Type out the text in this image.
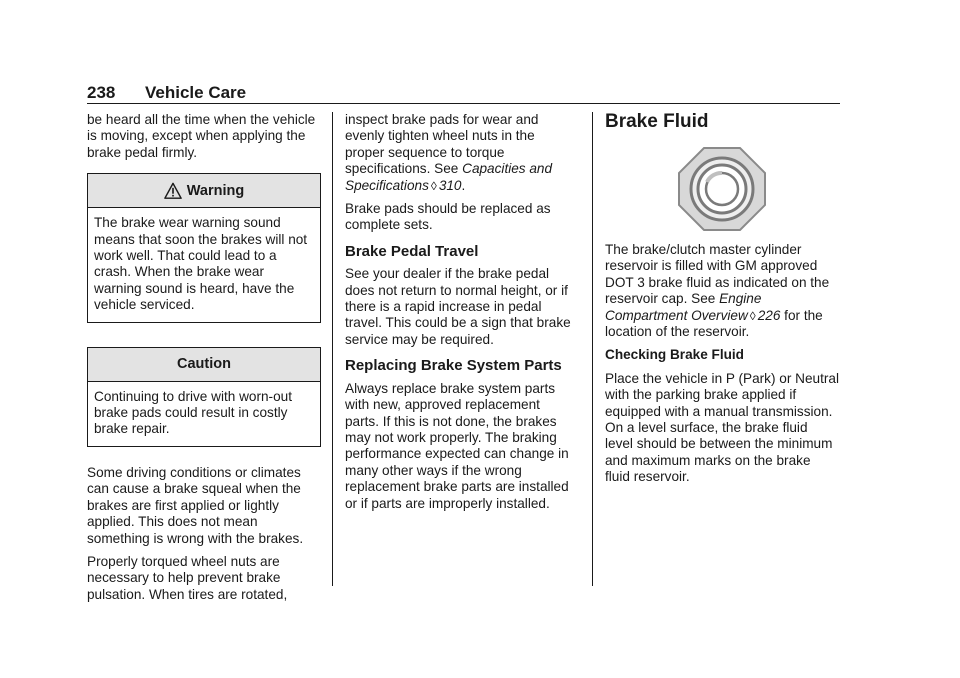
238 Vehicle Care

be heard all the time when the vehicle is moving, except when applying the brake pedal firmly.

Warning
The brake wear warning sound means that soon the brakes will not work well. That could lead to a crash. When the brake wear warning sound is heard, have the vehicle serviced.
Caution
Continuing to drive with worn-out brake pads could result in costly brake repair.

Some driving conditions or climates can cause a brake squeal when the brakes are first applied or lightly applied. This does not mean something is wrong with the brakes.

Properly torqued wheel nuts are necessary to help prevent brake pulsation. When tires are rotated,

inspect brake pads for wear and evenly tighten wheel nuts in the proper sequence to torque specifications. See Capacities and Specifications ◊ 310.

Brake pads should be replaced as complete sets.

Brake Pedal Travel

See your dealer if the brake pedal does not return to normal height, or if there is a rapid increase in pedal travel. This could be a sign that brake service may be required.

Replacing Brake System Parts

Always replace brake system parts with new, approved replacement parts. If this is not done, the brakes may not work properly. The braking performance expected can change in many other ways if the wrong replacement brake parts are installed or if parts are improperly installed.

Brake Fluid

The brake/clutch master cylinder reservoir is filled with GM approved DOT 3 brake fluid as indicated on the reservoir cap. See Engine Compartment Overview ◊ 226 for the location of the reservoir.

Checking Brake Fluid

Place the vehicle in P (Park) or Neutral with the parking brake applied if equipped with a manual transmission. On a level surface, the brake fluid level should be between the minimum and maximum marks on the brake fluid reservoir.
